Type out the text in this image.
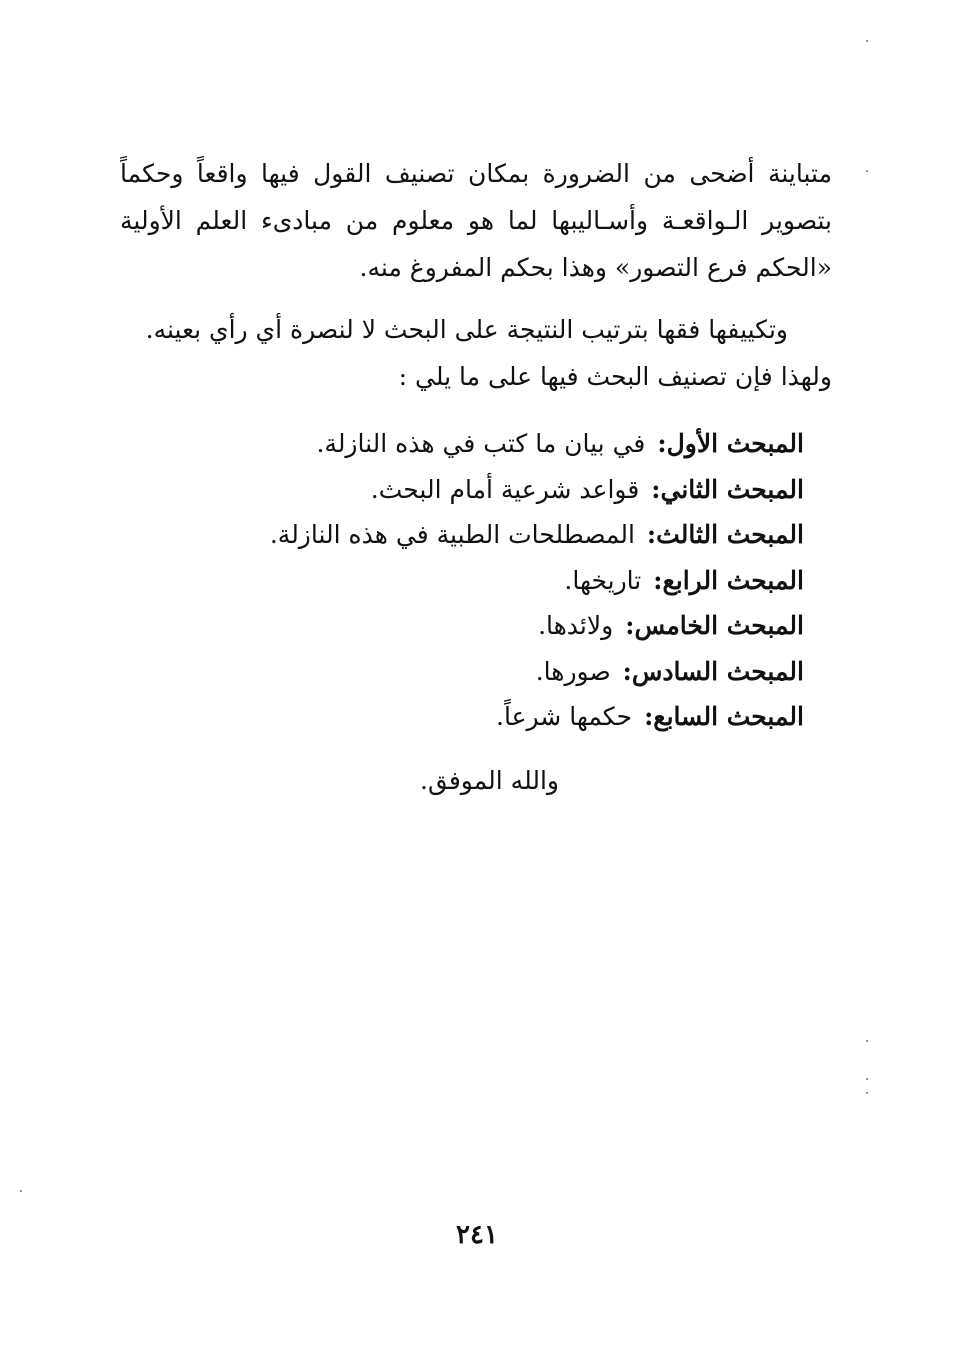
متباينة أضحى من الضرورة بمكان تصنيف القول فيها واقعاً وحكماً بتصوير الـواقعـة وأسـاليبها لما هو معلوم من مبادىء العلم الأولية «الحكم فرع التصور» وهذا بحكم المفروغ منه.

وتكييفها فقها بترتيب النتيجة على البحث لا لنصرة أي رأي بعينه.
ولهذا فإن تصنيف البحث فيها على ما يلي :

المبحث الأول:في بيان ما كتب في هذه النازلة.
المبحث الثاني:قواعد شرعية أمام البحث.
المبحث الثالث:المصطلحات الطبية في هذه النازلة.
المبحث الرابع:تاريخها.
المبحث الخامس:ولائدها.
المبحث السادس:صورها.
المبحث السابع:حكمها شرعاً.

والله الموفق.

٢٤١
